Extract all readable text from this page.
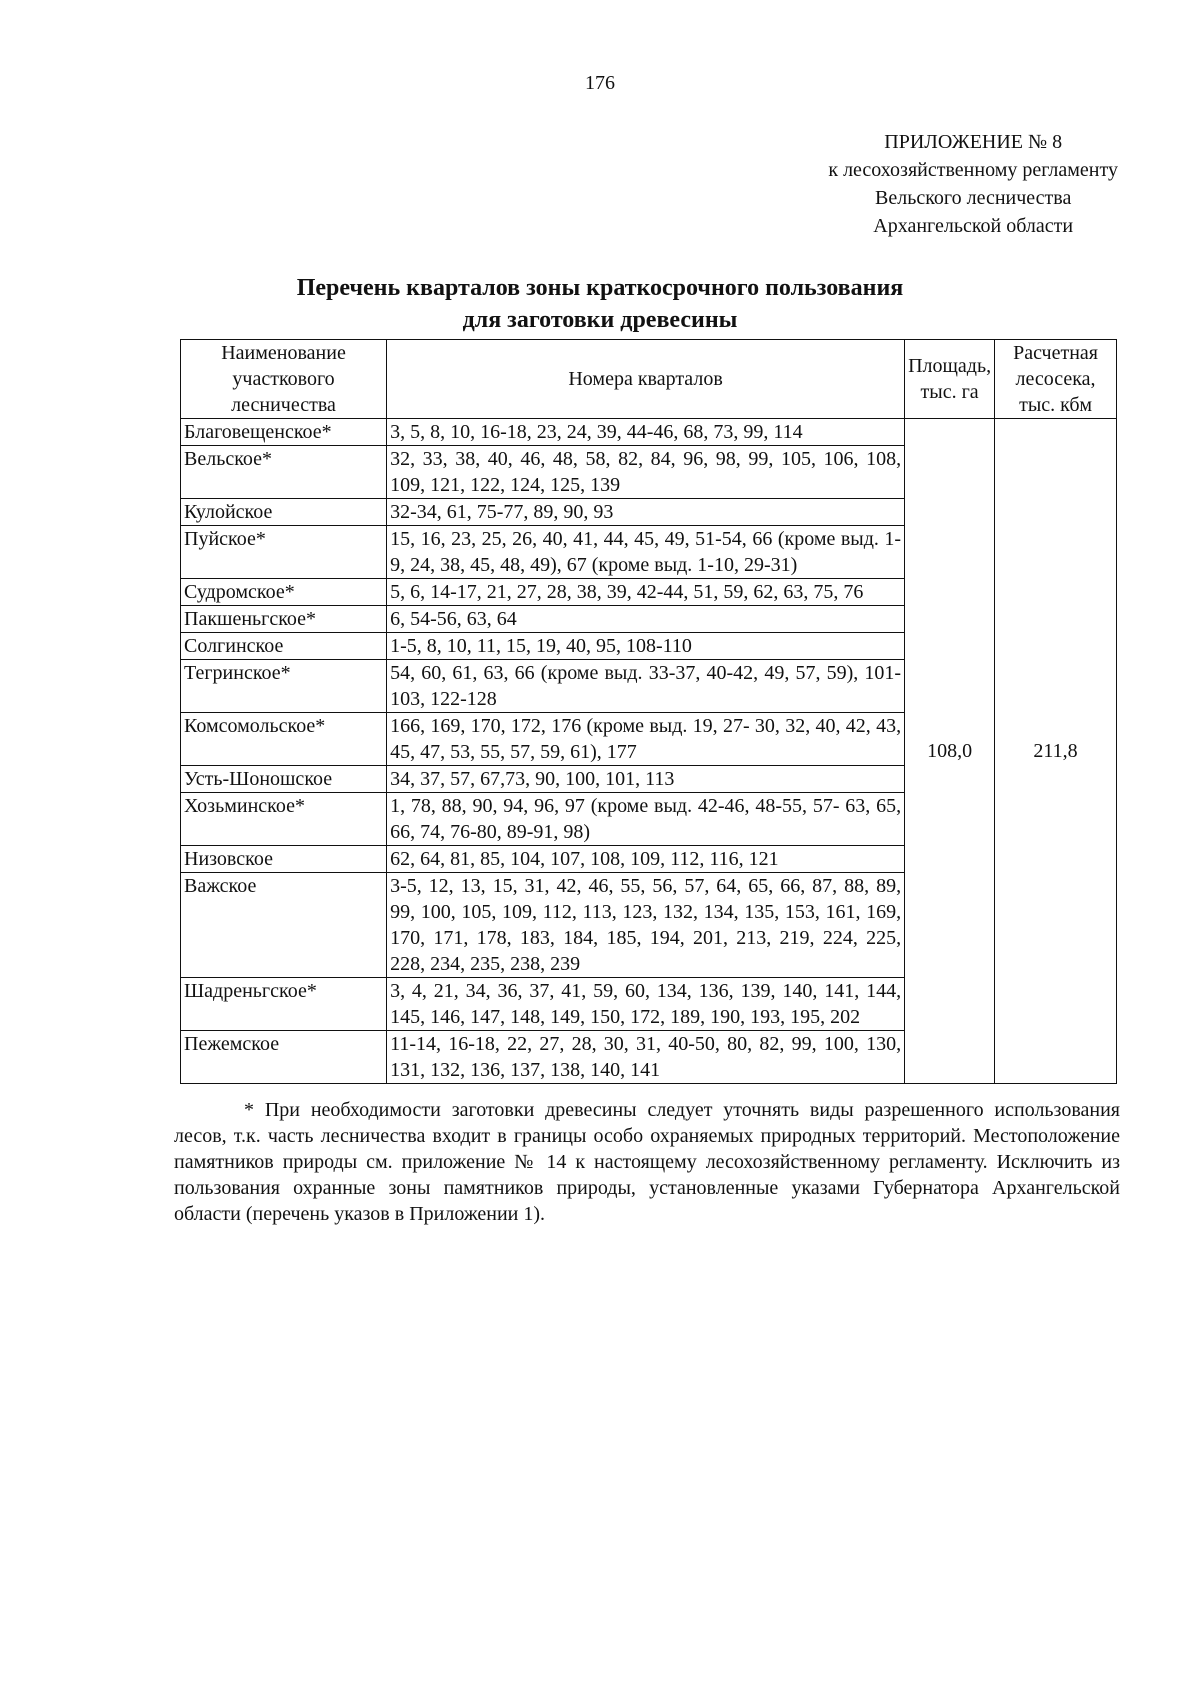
176
ПРИЛОЖЕНИЕ № 8
к лесохозяйственному регламенту
Вельского лесничества
Архангельской области
Перечень кварталов зоны краткосрочного пользования
для заготовки древесины
Наименование участкового лесничества	Номера кварталов	Площадь, тыс. га	Расчетная лесосека, тыс. кбм
Благовещенское*	3, 5, 8, 10, 16-18, 23, 24, 39, 44-46, 68, 73, 99, 114	108,0	211,8
Вельское*	32, 33, 38, 40, 46, 48, 58, 82, 84, 96, 98, 99, 105, 106, 108, 109, 121, 122, 124, 125, 139		
Кулойское	32-34, 61, 75-77, 89, 90, 93		
Пуйское*	15, 16, 23, 25, 26, 40, 41, 44, 45, 49, 51-54, 66 (кроме выд. 1-9, 24, 38, 45, 48, 49), 67 (кроме выд. 1-10, 29-31)		
Судромское*	5, 6, 14-17, 21, 27, 28, 38, 39, 42-44, 51, 59, 62, 63, 75, 76		
Пакшеньгское*	6, 54-56, 63, 64		
Солгинское	1-5, 8, 10, 11, 15, 19, 40, 95, 108-110		
Тегринское*	54, 60, 61, 63, 66 (кроме выд. 33-37, 40-42, 49, 57, 59), 101-103, 122-128		
Комсомольское*	166, 169, 170, 172, 176 (кроме выд. 19, 27- 30, 32, 40, 42, 43, 45, 47, 53, 55, 57, 59, 61), 177		
Усть-Шоношское	34, 37, 57, 67,73, 90, 100, 101, 113		
Хозьминское*	1, 78, 88, 90, 94, 96, 97 (кроме выд. 42-46, 48-55, 57- 63, 65, 66, 74, 76-80, 89-91, 98)		
Низовское	62, 64, 81, 85, 104, 107, 108, 109, 112, 116, 121		
Важское	3-5, 12, 13, 15, 31, 42, 46, 55, 56, 57, 64, 65, 66, 87, 88, 89, 99, 100, 105, 109, 112, 113, 123, 132, 134, 135, 153, 161, 169, 170, 171, 178, 183, 184, 185, 194, 201, 213, 219, 224, 225, 228, 234, 235, 238, 239		
Шадреньгское*	3, 4, 21, 34, 36, 37, 41, 59, 60, 134, 136, 139, 140, 141, 144, 145, 146, 147, 148, 149, 150, 172, 189, 190, 193, 195, 202		
Пежемское	11-14, 16-18, 22, 27, 28, 30, 31, 40-50, 80, 82, 99, 100, 130, 131, 132, 136, 137, 138, 140, 141		
* При необходимости заготовки древесины следует уточнять виды разрешенного использования лесов, т.к. часть лесничества входит в границы особо охраняемых природных территорий. Местоположение памятников природы см. приложение № 14 к настоящему лесохозяйственному регламенту. Исключить из пользования охранные зоны памятников природы, установленные указами Губернатора Архангельской области (перечень указов в Приложении 1).
